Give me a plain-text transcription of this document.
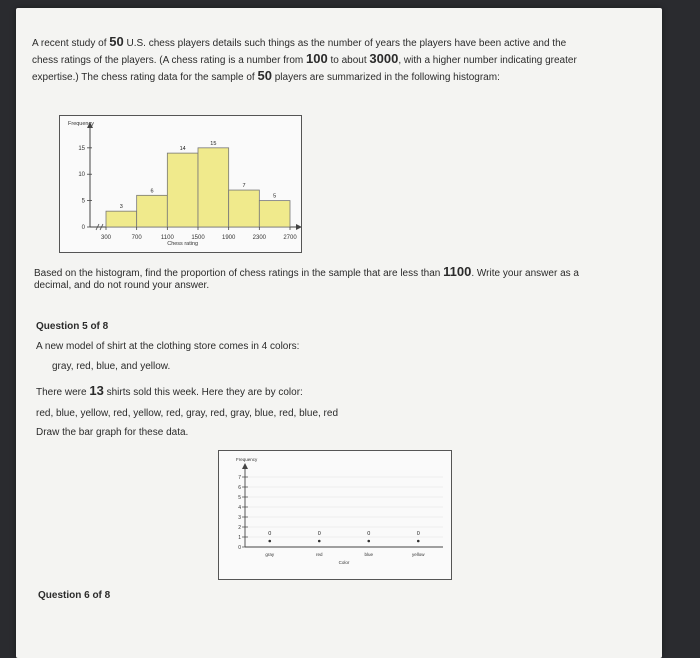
A recent study of 50 U.S. chess players details such things as the number of years the players have been active and the
chess ratings of the players. (A chess rating is a number from 100 to about 3000, with a higher number indicating greater
expertise.) The chess rating data for the sample of 50 players are summarized in the following histogram:
Frequency
0
5
10
15
3
6
14
15
7
5
300	700	1100	1500	1900	2300	2700
Chess rating
Based on the histogram, find the proportion of chess ratings in the sample that are less than 1100. Write your answer as a
decimal, and do not round your answer.
Question 5 of 8
A new model of shirt at the clothing store comes in 4 colors:
gray, red, blue, and yellow.
There were 13 shirts sold this week. Here they are by color:
red, blue, yellow, red, yellow, red, gray, red, gray, blue, red, blue, red
Draw the bar graph for these data.
Frequency
0
1
2
3
4
5
6
7
0
gray
0
red
0
blue
0
yellow
Color
Question 6 of 8
